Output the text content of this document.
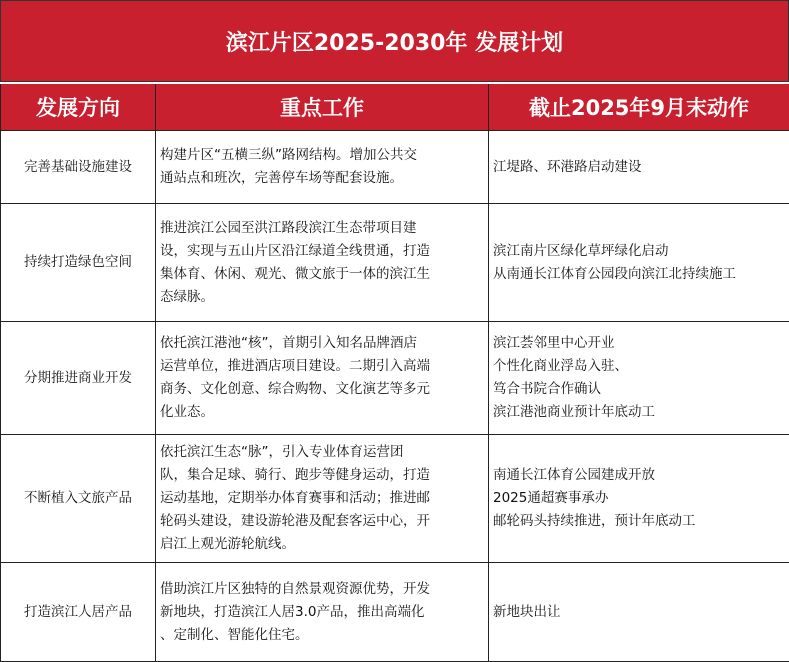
滨江片区2025-2030年 发展计划
发展方向	重点工作	截止2025年9月末动作
完善基础设施建设	构建片区“五横三纵”路网结构。增加公共交
通站点和班次，完善停车场等配套设施。	江堤路、环港路启动建设

持续打造绿色空间	推进滨江公园至洪江路段滨江生态带项目建
设，实现与五山片区沿江绿道全线贯通，打造
集体育、休闲、观光、微文旅于一体的滨江生
态绿脉。	滨江南片区绿化草坪绿化启动
从南通长江体育公园段向滨江北持续施工

分期推进商业开发	依托滨江港池“核”，首期引入知名品牌酒店
运营单位，推进酒店项目建设。二期引入高端
商务、文化创意、综合购物、文化演艺等多元
化业态。	滨江荟邻里中心开业
个性化商业浮岛入驻、
笃合书院合作确认
滨江港池商业预计年底动工

不断植入文旅产品	依托滨江生态“脉”，引入专业体育运营团
队，集合足球、骑行、跑步等健身运动，打造
运动基地，定期举办体育赛事和活动；推进邮
轮码头建设，建设游轮港及配套客运中心，开
启江上观光游轮航线。	南通长江体育公园建成开放
2025通超赛事承办
邮轮码头持续推进，预计年底动工

打造滨江人居产品	借助滨江片区独特的自然景观资源优势，开发
新地块，打造滨江人居3.0产品，推出高端化
、定制化、智能化住宅。	新地块出让
